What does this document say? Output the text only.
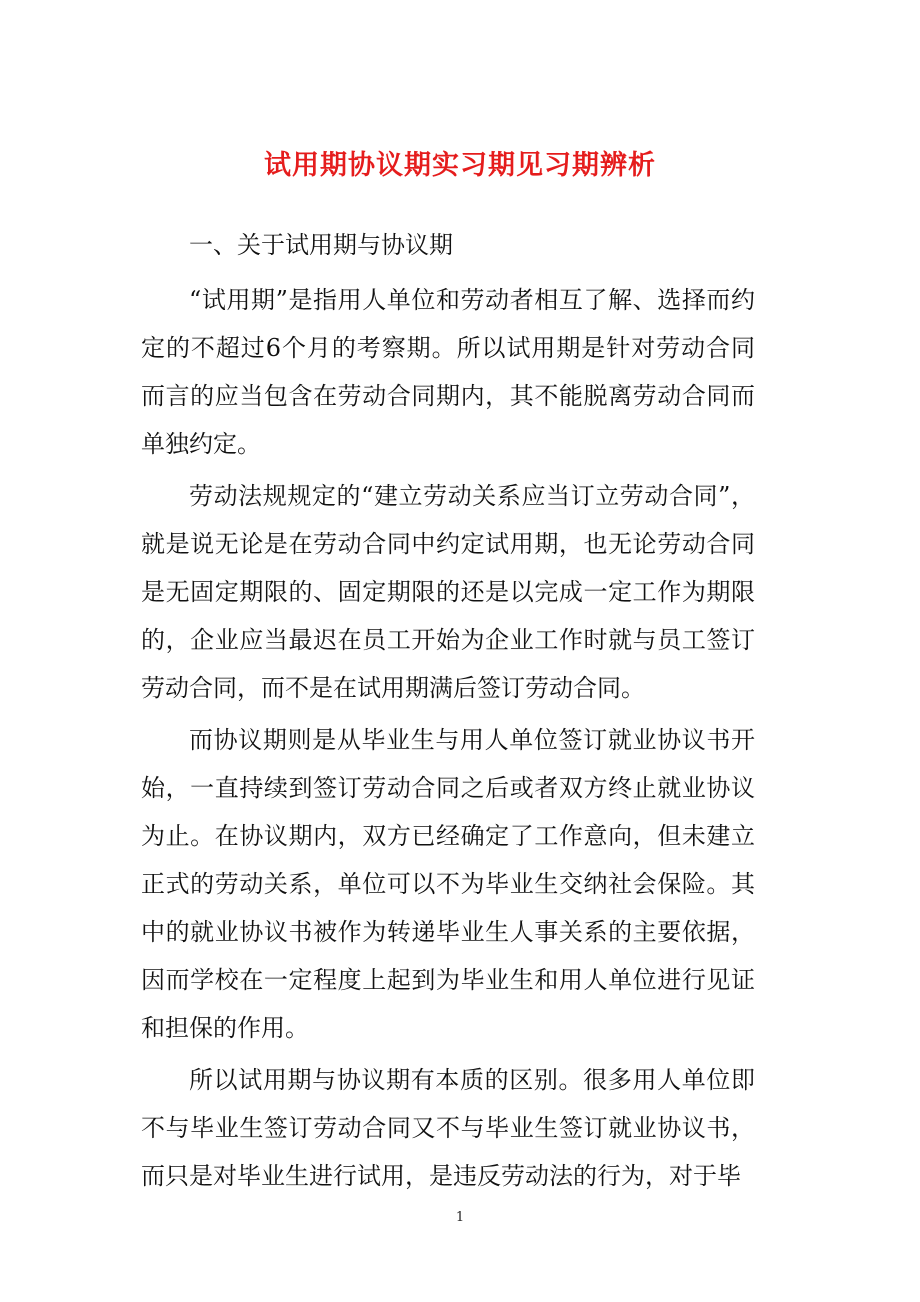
试用期协议期实习期见习期辨析
一、关于试用期与协议期

“试用期”是指用人单位和劳动者相互了解、选择而约定的不超过6个月的考察期。所以试用期是针对劳动合同而言的应当包含在劳动合同期内，其不能脱离劳动合同而单独约定。

劳动法规规定的“建立劳动关系应当订立劳动合同”，就是说无论是在劳动合同中约定试用期，也无论劳动合同是无固定期限的、固定期限的还是以完成一定工作为期限的，企业应当最迟在员工开始为企业工作时就与员工签订劳动合同，而不是在试用期满后签订劳动合同。

而协议期则是从毕业生与用人单位签订就业协议书开始，一直持续到签订劳动合同之后或者双方终止就业协议为止。在协议期内，双方已经确定了工作意向，但未建立正式的劳动关系，单位可以不为毕业生交纳社会保险。其中的就业协议书被作为转递毕业生人事关系的主要依据，因而学校在一定程度上起到为毕业生和用人单位进行见证和担保的作用。

所以试用期与协议期有本质的区别。很多用人单位即不与毕业生签订劳动合同又不与毕业生签订就业协议书，而只是对毕业生进行试用，是违反劳动法的行为，对于毕

1
